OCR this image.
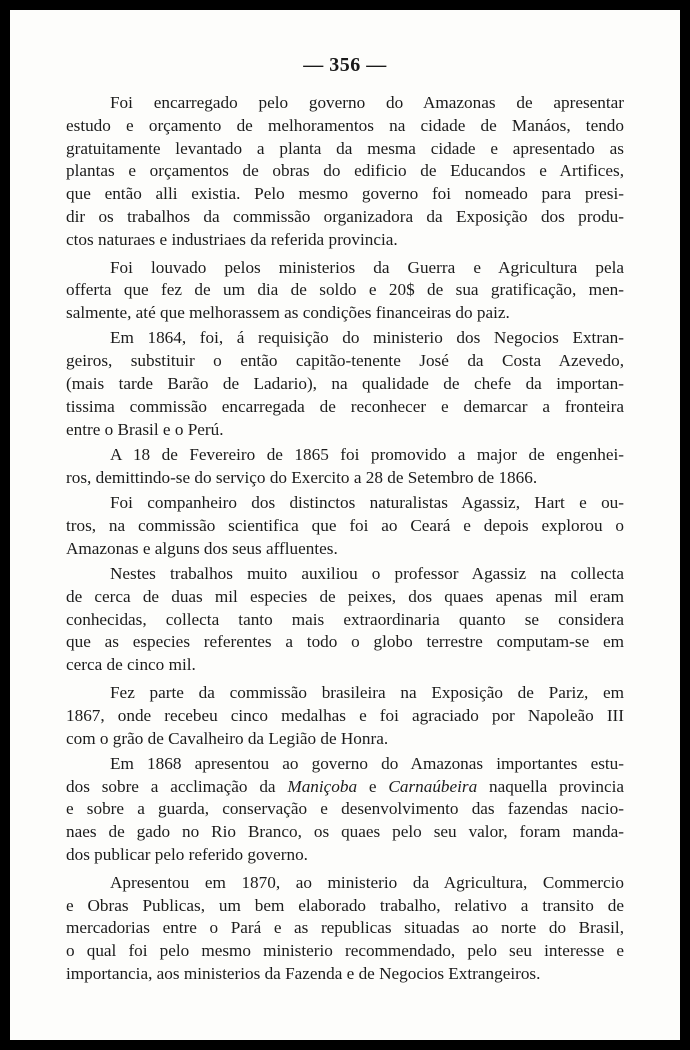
— 356 —

Foi encarregado pelo governo do Amazonas de apresentar
estudo e orçamento de melhoramentos na cidade de Manáos, tendo
gratuitamente levantado a planta da mesma cidade e apresentado as
plantas e orçamentos de obras do edificio de Educandos e Artifices,
que então alli existia. Pelo mesmo governo foi nomeado para presi-
dir os trabalhos da commissão organizadora da Exposição dos produ-
ctos naturaes e industriaes da referida provincia.

Foi louvado pelos ministerios da Guerra e Agricultura pela
offerta que fez de um dia de soldo e 20$ de sua gratificação, men-
salmente, até que melhorassem as condições financeiras do paiz.

Em 1864, foi, á requisição do ministerio dos Negocios Extran-
geiros, substituir o então capitão-tenente José da Costa Azevedo,
(mais tarde Barão de Ladario), na qualidade de chefe da importan-
tissima commissão encarregada de reconhecer e demarcar a fronteira
entre o Brasil e o Perú.

A 18 de Fevereiro de 1865 foi promovido a major de engenhei-
ros, demittindo-se do serviço do Exercito a 28 de Setembro de 1866.

Foi companheiro dos distinctos naturalistas Agassiz, Hart e ou-
tros, na commissão scientifica que foi ao Ceará e depois explorou o
Amazonas e alguns dos seus affluentes.

Nestes trabalhos muito auxiliou o professor Agassiz na collecta
de cerca de duas mil especies de peixes, dos quaes apenas mil eram
conhecidas, collecta tanto mais extraordinaria quanto se considera
que as especies referentes a todo o globo terrestre computam-se em
cerca de cinco mil.

Fez parte da commissão brasileira na Exposição de Pariz, em
1867, onde recebeu cinco medalhas e foi agraciado por Napoleão III
com o grão de Cavalheiro da Legião de Honra.

Em 1868 apresentou ao governo do Amazonas importantes estu-
dos sobre a acclimação da Maniçoba e Carnaúbeira naquella provincia
e sobre a guarda, conservação e desenvolvimento das fazendas nacio-
naes de gado no Rio Branco, os quaes pelo seu valor, foram manda-
dos publicar pelo referido governo.

Apresentou em 1870, ao ministerio da Agricultura, Commercio
e Obras Publicas, um bem elaborado trabalho, relativo a transito de
mercadorias entre o Pará e as republicas situadas ao norte do Brasil,
o qual foi pelo mesmo ministerio recommendado, pelo seu interesse e
importancia, aos ministerios da Fazenda e de Negocios Extrangeiros.
